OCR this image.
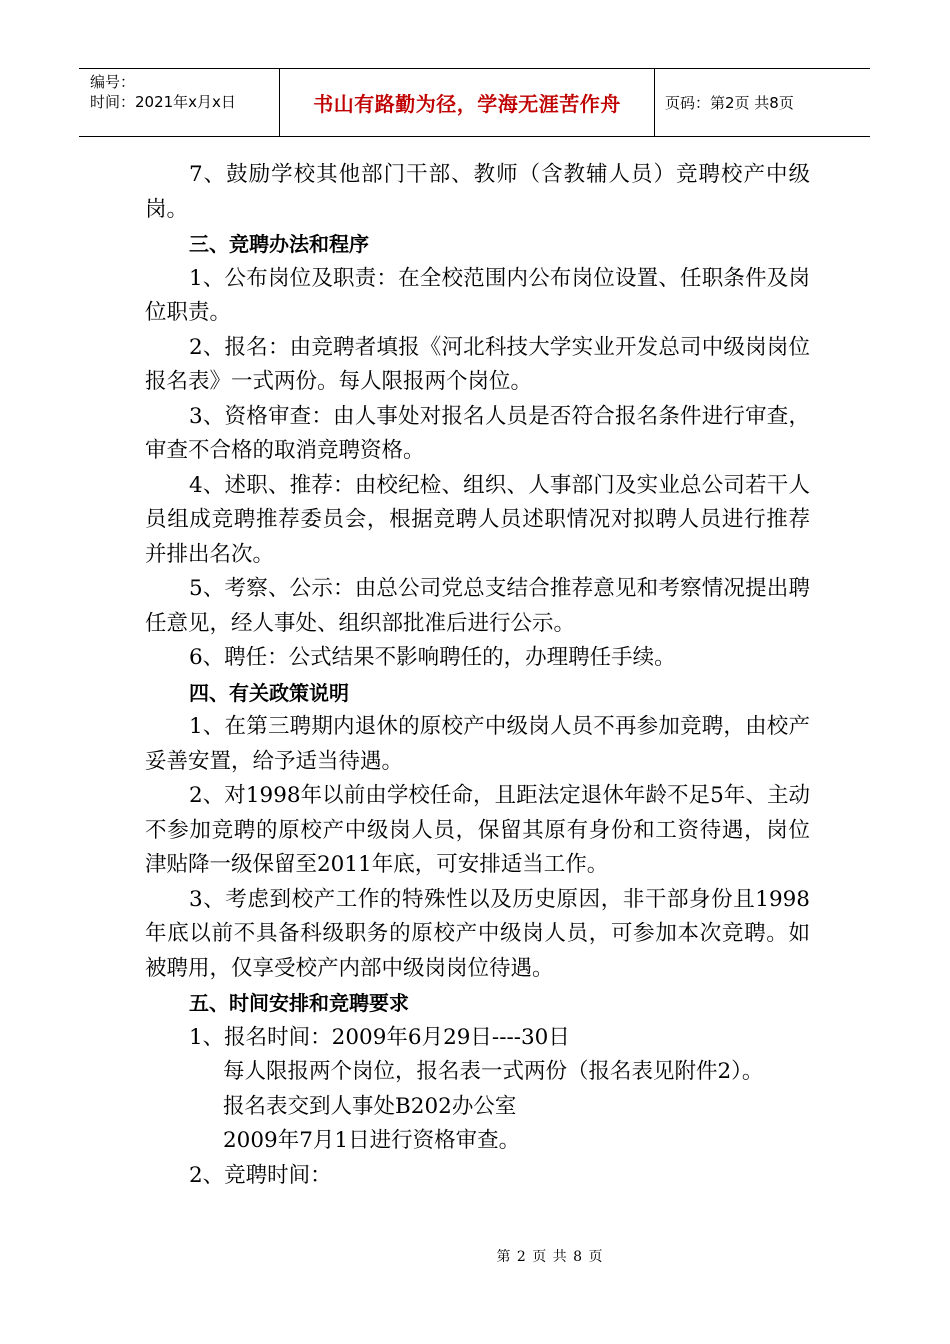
编号：
时间：2021年x月x日	书山有路勤为径，学海无涯苦作舟	页码：第2页 共8页

7、鼓励学校其他部门干部、教师（含教辅人员）竞聘校产中级岗。

三、竞聘办法和程序

1、公布岗位及职责：在全校范围内公布岗位设置、任职条件及岗位职责。

2、报名：由竞聘者填报《河北科技大学实业开发总司中级岗岗位报名表》一式两份。每人限报两个岗位。

3、资格审查：由人事处对报名人员是否符合报名条件进行审查，审查不合格的取消竞聘资格。

4、述职、推荐：由校纪检、组织、人事部门及实业总公司若干人员组成竞聘推荐委员会，根据竞聘人员述职情况对拟聘人员进行推荐并排出名次。

5、考察、公示：由总公司党总支结合推荐意见和考察情况提出聘任意见，经人事处、组织部批准后进行公示。

6、聘任：公式结果不影响聘任的，办理聘任手续。

四、有关政策说明

1、在第三聘期内退休的原校产中级岗人员不再参加竞聘，由校产妥善安置，给予适当待遇。

2、对1998年以前由学校任命，且距法定退休年龄不足5年、主动不参加竞聘的原校产中级岗人员，保留其原有身份和工资待遇，岗位津贴降一级保留至2011年底，可安排适当工作。

3、考虑到校产工作的特殊性以及历史原因，非干部身份且1998年底以前不具备科级职务的原校产中级岗人员，可参加本次竞聘。如被聘用，仅享受校产内部中级岗岗位待遇。

五、时间安排和竞聘要求

1、报名时间：2009年6月29日----30日

每人限报两个岗位，报名表一式两份（报名表见附件2）。

报名表交到人事处B202办公室

2009年7月1日进行资格审查。

2、竞聘时间：

第 2 页 共 8 页
